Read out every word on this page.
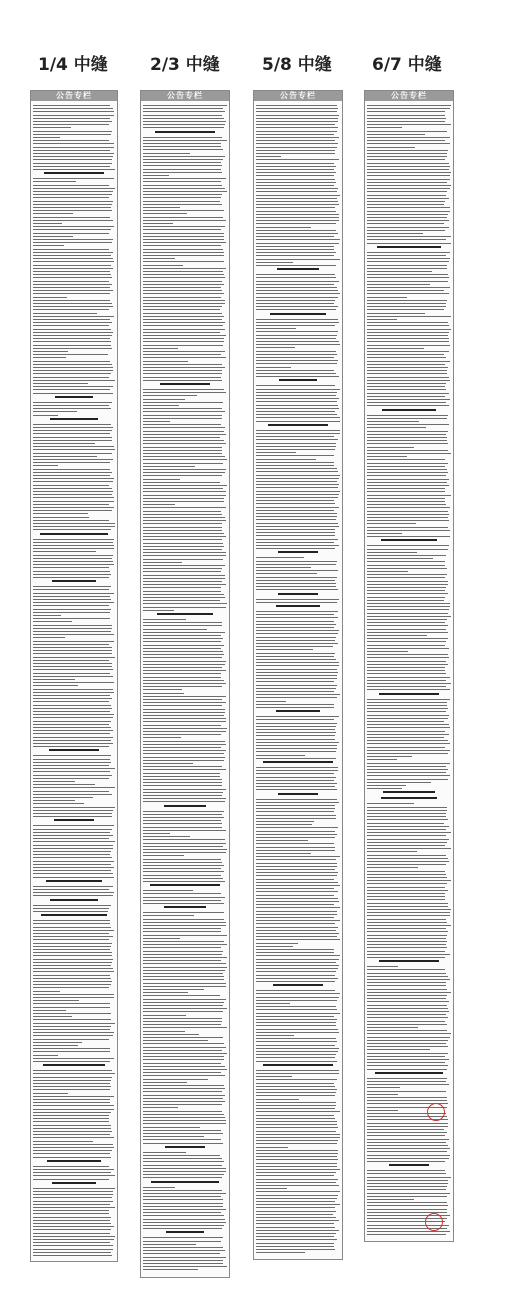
1/4 中缝 2/3 中缝 5/8 中缝 6/7 中缝
公告专栏	公告专栏	公告专栏	公告专栏
